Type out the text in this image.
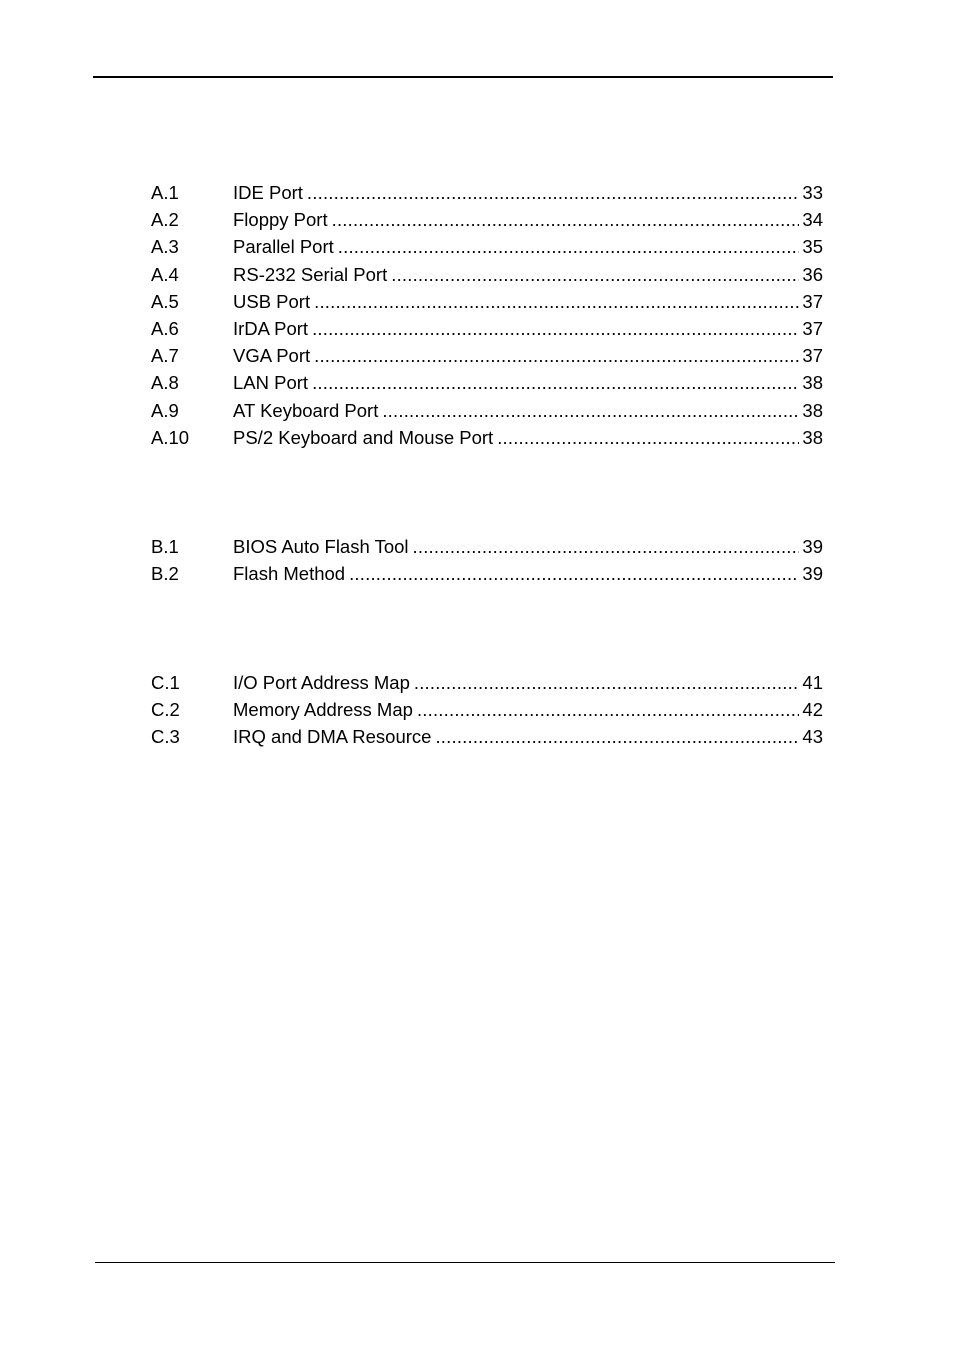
A.1	IDE Port .....	33
A.2	Floppy Port .....	34
A.3	Parallel Port .....	35
A.4	RS-232 Serial Port .....	36
A.5	USB Port .....	37
A.6	IrDA Port .....	37
A.7	VGA Port .....	37
A.8	LAN Port .....	38
A.9	AT Keyboard Port .....	38
A.10	PS/2 Keyboard and Mouse Port .....	38
B.1	BIOS Auto Flash Tool .....	39
B.2	Flash Method .....	39
C.1	I/O Port Address Map .....	41
C.2	Memory Address Map .....	42
C.3	IRQ and DMA Resource .....	43
